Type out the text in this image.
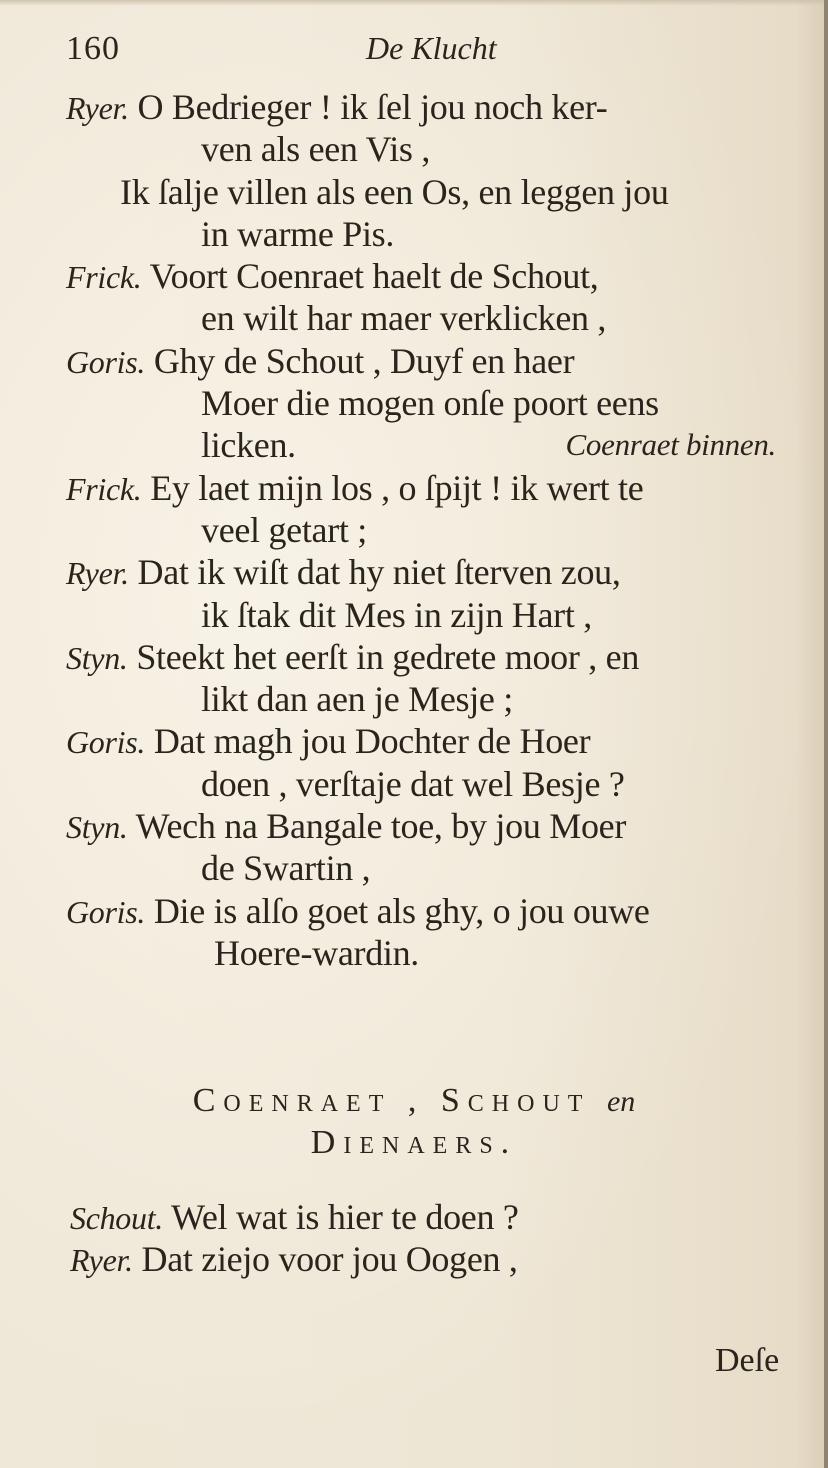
160	De Klucht
Ryer. O Bedrieger ! ik ſel jou noch ker-
ven als een Vis ,
Ik ſalje villen als een Os, en leggen jou
in warme Pis.
Frick. Voort Coenraet haelt de Schout,
en wilt har maer verklicken ,
Goris. Ghy de Schout , Duyf en haer
Moer die mogen onſe poort eens
licken.	Coenraet binnen.
Frick. Ey laet mijn los , o ſpijt ! ik wert te
veel getart ;
Ryer. Dat ik wiſt dat hy niet ſterven zou,
ik ſtak dit Mes in zijn Hart ,
Styn. Steekt het eerſt in gedrete moor , en
likt dan aen je Mesje ;
Goris. Dat magh jou Dochter de Hoer
doen , verſtaje dat wel Besje ?
Styn. Wech na Bangale toe, by jou Moer
de Swartin ,
Goris. Die is alſo goet als ghy, o jou ouwe
Hoere-wardin.
Coenraet , Schout en
Dienaers.
Schout. Wel wat is hier te doen ?
Ryer. Dat ziejo voor jou Oogen ,
Deſe
